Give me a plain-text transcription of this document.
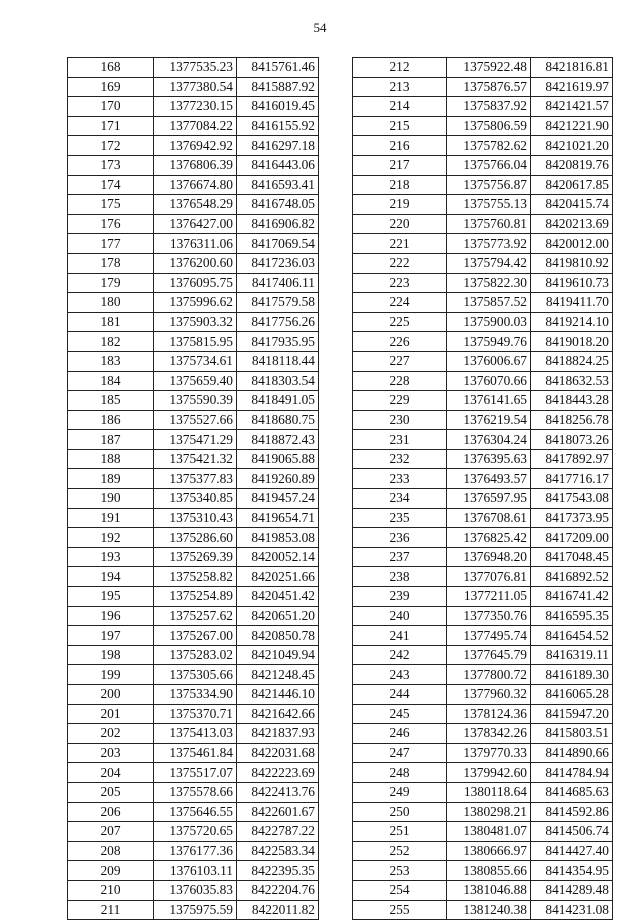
54
168	1377535.23	8415761.46
169	1377380.54	8415887.92
170	1377230.15	8416019.45
171	1377084.22	8416155.92
172	1376942.92	8416297.18
173	1376806.39	8416443.06
174	1376674.80	8416593.41
175	1376548.29	8416748.05
176	1376427.00	8416906.82
177	1376311.06	8417069.54
178	1376200.60	8417236.03
179	1376095.75	8417406.11
180	1375996.62	8417579.58
181	1375903.32	8417756.26
182	1375815.95	8417935.95
183	1375734.61	8418118.44
184	1375659.40	8418303.54
185	1375590.39	8418491.05
186	1375527.66	8418680.75
187	1375471.29	8418872.43
188	1375421.32	8419065.88
189	1375377.83	8419260.89
190	1375340.85	8419457.24
191	1375310.43	8419654.71
192	1375286.60	8419853.08
193	1375269.39	8420052.14
194	1375258.82	8420251.66
195	1375254.89	8420451.42
196	1375257.62	8420651.20
197	1375267.00	8420850.78
198	1375283.02	8421049.94
199	1375305.66	8421248.45
200	1375334.90	8421446.10
201	1375370.71	8421642.66
202	1375413.03	8421837.93
203	1375461.84	8422031.68
204	1375517.07	8422223.69
205	1375578.66	8422413.76
206	1375646.55	8422601.67
207	1375720.65	8422787.22
208	1376177.36	8422583.34
209	1376103.11	8422395.35
210	1376035.83	8422204.76
211	1375975.59	8422011.82
212	1375922.48	8421816.81
213	1375876.57	8421619.97
214	1375837.92	8421421.57
215	1375806.59	8421221.90
216	1375782.62	8421021.20
217	1375766.04	8420819.76
218	1375756.87	8420617.85
219	1375755.13	8420415.74
220	1375760.81	8420213.69
221	1375773.92	8420012.00
222	1375794.42	8419810.92
223	1375822.30	8419610.73
224	1375857.52	8419411.70
225	1375900.03	8419214.10
226	1375949.76	8419018.20
227	1376006.67	8418824.25
228	1376070.66	8418632.53
229	1376141.65	8418443.28
230	1376219.54	8418256.78
231	1376304.24	8418073.26
232	1376395.63	8417892.97
233	1376493.57	8417716.17
234	1376597.95	8417543.08
235	1376708.61	8417373.95
236	1376825.42	8417209.00
237	1376948.20	8417048.45
238	1377076.81	8416892.52
239	1377211.05	8416741.42
240	1377350.76	8416595.35
241	1377495.74	8416454.52
242	1377645.79	8416319.11
243	1377800.72	8416189.30
244	1377960.32	8416065.28
245	1378124.36	8415947.20
246	1378342.26	8415803.51
247	1379770.33	8414890.66
248	1379942.60	8414784.94
249	1380118.64	8414685.63
250	1380298.21	8414592.86
251	1380481.07	8414506.74
252	1380666.97	8414427.40
253	1380855.66	8414354.95
254	1381046.88	8414289.48
255	1381240.38	8414231.08
